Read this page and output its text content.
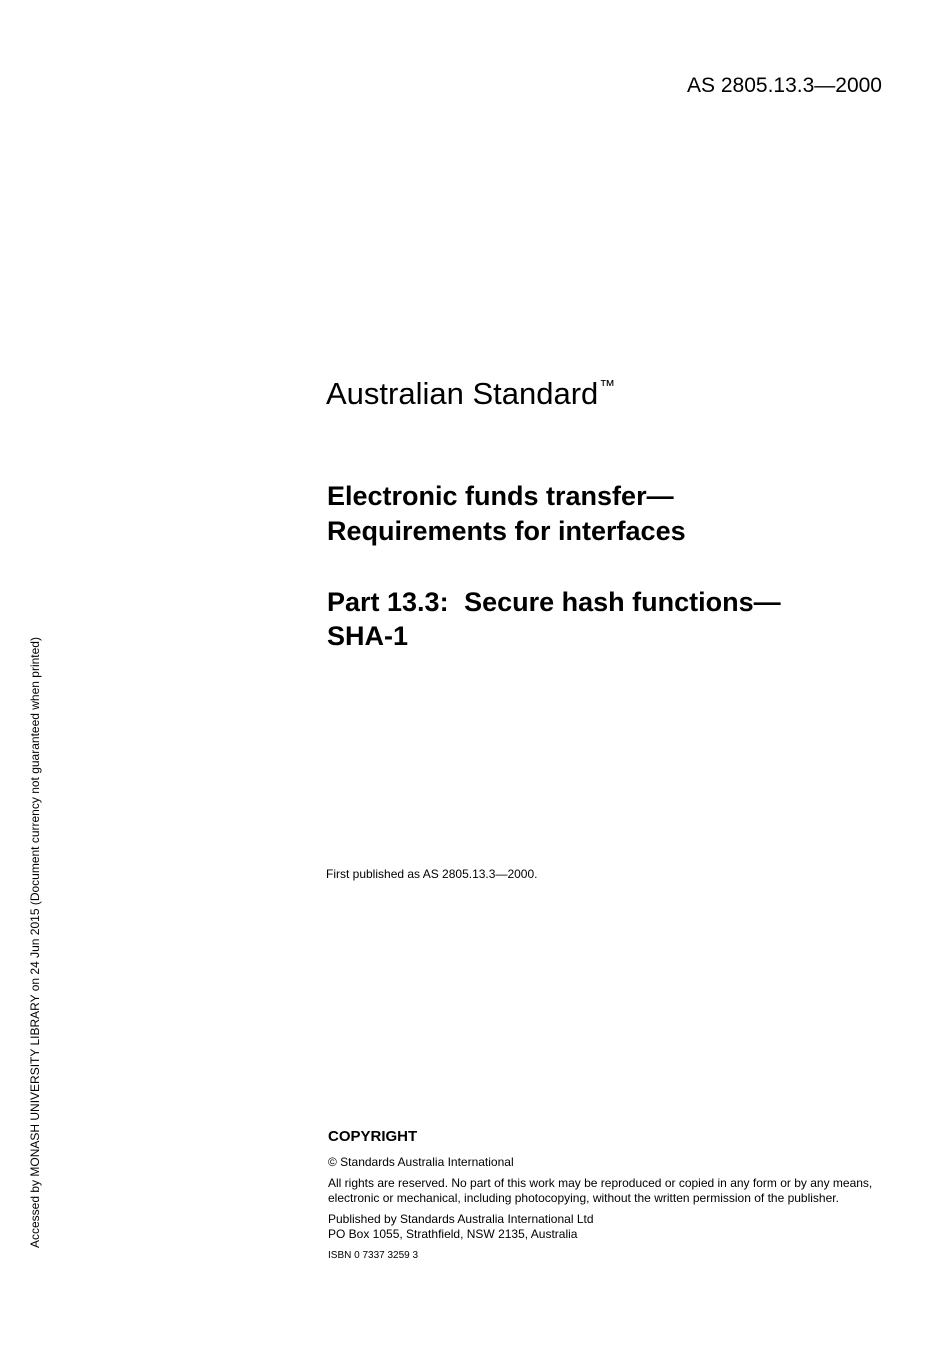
AS 2805.13.3—2000
Australian Standard™
Electronic funds transfer—
Requirements for interfaces
Part 13.3: Secure hash functions—
SHA-1
First published as AS 2805.13.3—2000.
COPYRIGHT
© Standards Australia International
All rights are reserved. No part of this work may be reproduced or copied in any form or by any means,
electronic or mechanical, including photocopying, without the written permission of the publisher.
Published by Standards Australia International Ltd
PO Box 1055, Strathfield, NSW 2135, Australia
ISBN 0 7337 3259 3
Accessed by MONASH UNIVERSITY LIBRARY on 24 Jun 2015 (Document currency not guaranteed when printed)
